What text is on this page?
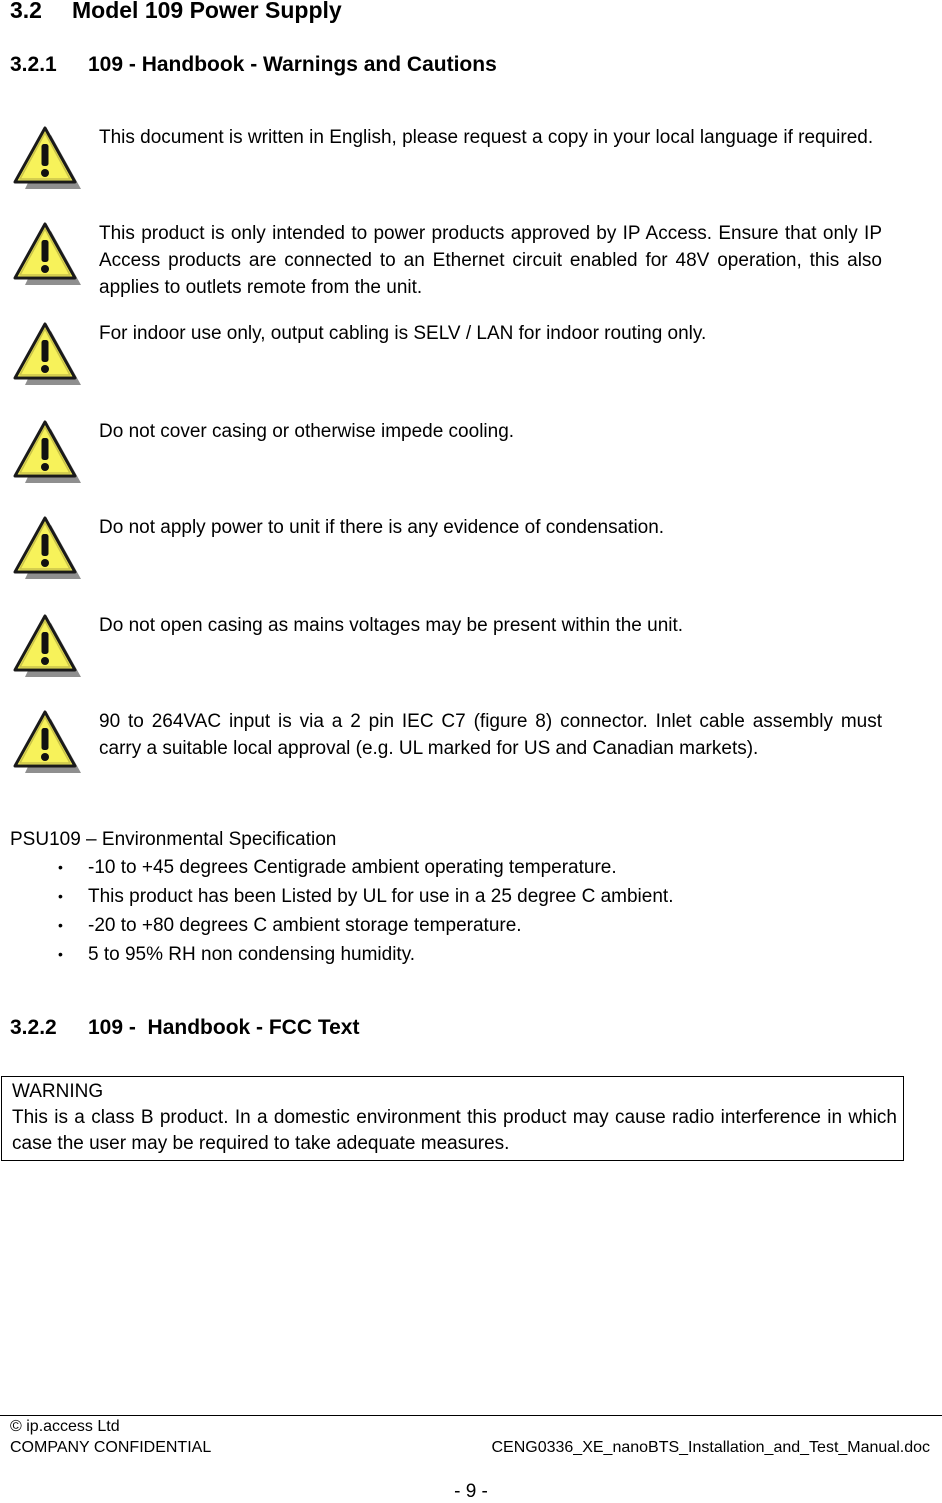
3.2 Model 109 Power Supply
3.2.1 109 - Handbook - Warnings and Cautions
This document is written in English, please request a copy in your local language if required.
This product is only intended to power products approved by IP Access. Ensure that only IP Access products are connected to an Ethernet circuit enabled for 48V operation, this also applies to outlets remote from the unit.
For indoor use only, output cabling is SELV / LAN for indoor routing only.
Do not cover casing or otherwise impede cooling.
Do not apply power to unit if there is any evidence of condensation.
Do not open casing as mains voltages may be present within the unit.
90 to 264VAC input is via a 2 pin IEC C7 (figure 8) connector. Inlet cable assembly must carry a suitable local approval (e.g. UL marked for US and Canadian markets).
PSU109 – Environmental Specification
• -10 to +45 degrees Centigrade ambient operating temperature.
• This product has been Listed by UL for use in a 25 degree C ambient.
• -20 to +80 degrees C ambient storage temperature.
• 5 to 95% RH non condensing humidity.
3.2.2 109 -  Handbook - FCC Text
WARNING
This is a class B product. In a domestic environment this product may cause radio interference in which case the user may be required to take adequate measures.
© ip.access Ltd
COMPANY CONFIDENTIAL	CENG0336_XE_nanoBTS_Installation_and_Test_Manual.doc
- 9 -
